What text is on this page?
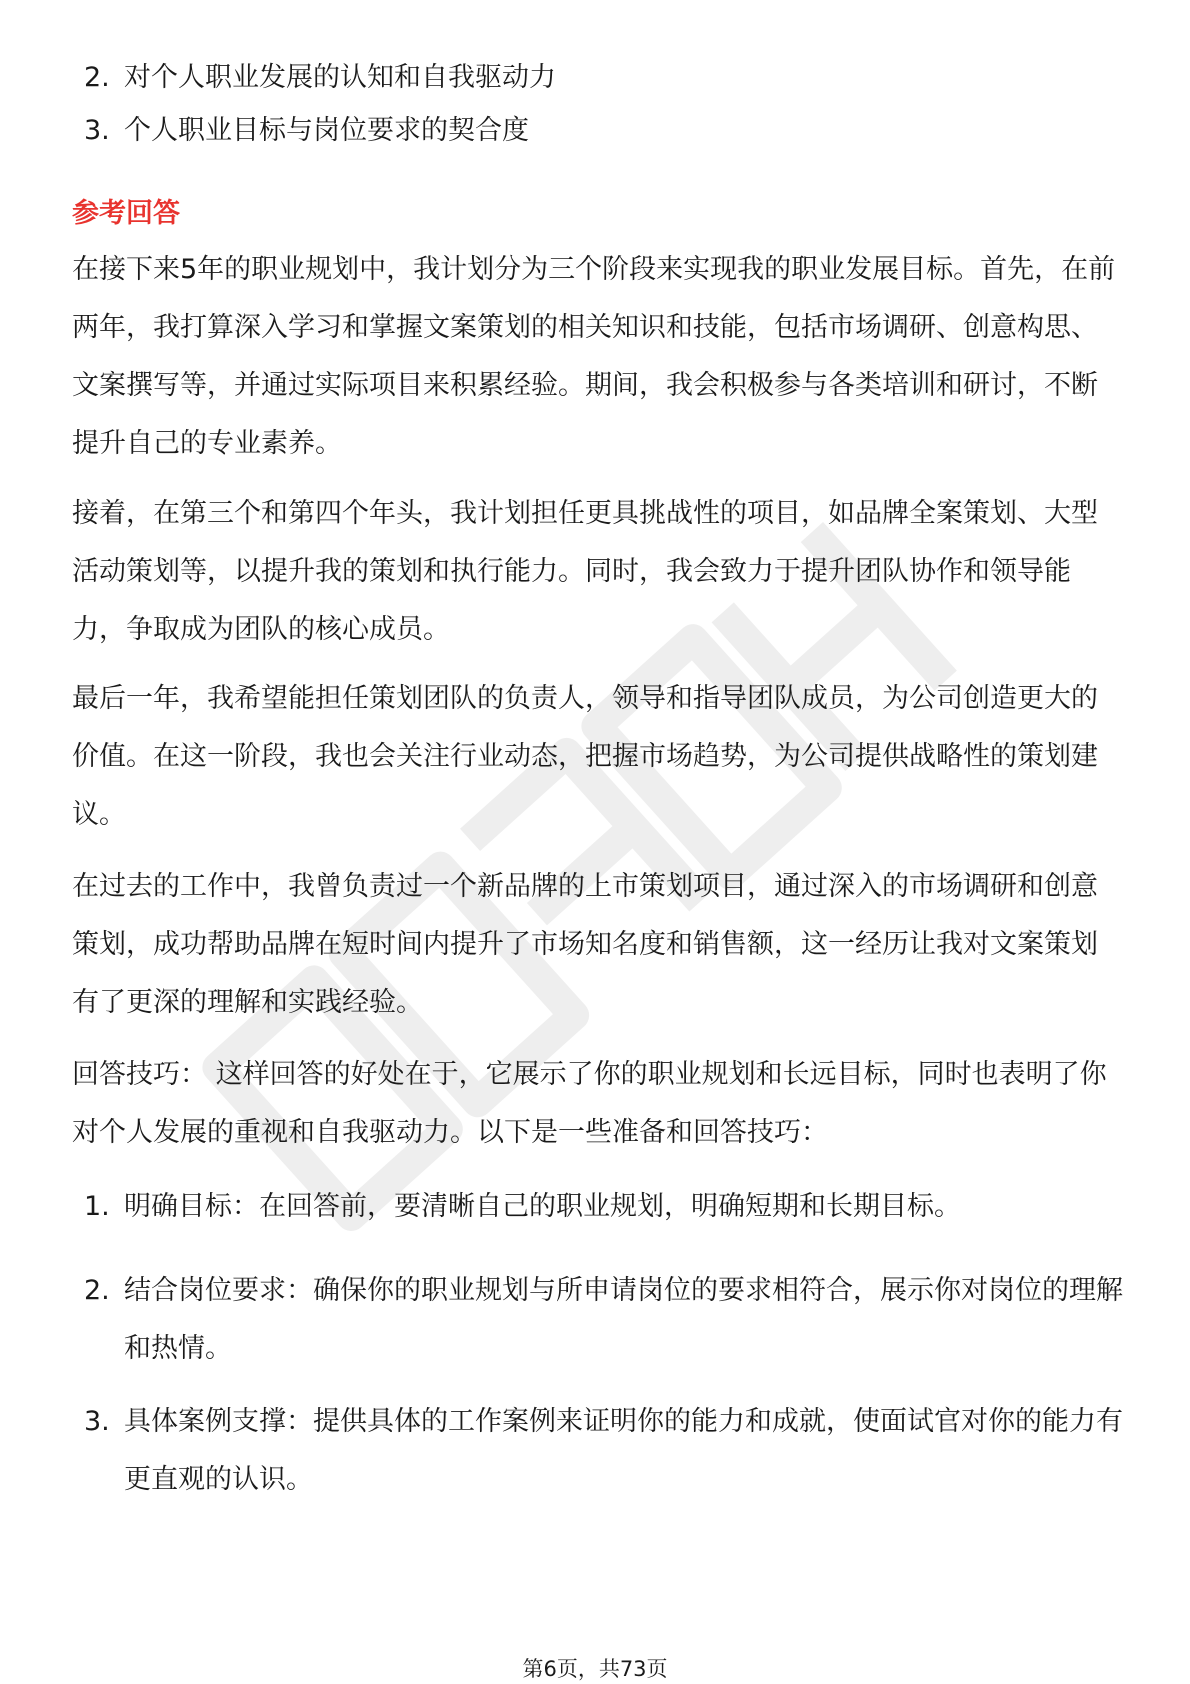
2. 对个人职业发展的认知和自我驱动力
3. 个人职业目标与岗位要求的契合度
参考回答

在接下来5年的职业规划中，我计划分为三个阶段来实现我的职业发展目标。首先，在前两年，我打算深入学习和掌握文案策划的相关知识和技能，包括市场调研、创意构思、文案撰写等，并通过实际项目来积累经验。期间，我会积极参与各类培训和研讨，不断提升自己的专业素养。

接着，在第三个和第四个年头，我计划担任更具挑战性的项目，如品牌全案策划、大型活动策划等，以提升我的策划和执行能力。同时，我会致力于提升团队协作和领导能力，争取成为团队的核心成员。

最后一年，我希望能担任策划团队的负责人，领导和指导团队成员，为公司创造更大的价值。在这一阶段，我也会关注行业动态，把握市场趋势，为公司提供战略性的策划建议。

在过去的工作中，我曾负责过一个新品牌的上市策划项目，通过深入的市场调研和创意策划，成功帮助品牌在短时间内提升了市场知名度和销售额，这一经历让我对文案策划有了更深的理解和实践经验。

回答技巧： 这样回答的好处在于，它展示了你的职业规划和长远目标，同时也表明了你对个人发展的重视和自我驱动力。以下是一些准备和回答技巧：

1. 明确目标：在回答前，要清晰自己的职业规划，明确短期和长期目标。
2. 结合岗位要求：确保你的职业规划与所申请岗位的要求相符合，展示你对岗位的理解和热情。
3. 具体案例支撑：提供具体的工作案例来证明你的能力和成就，使面试官对你的能力有更直观的认识。
第6页，共73页
